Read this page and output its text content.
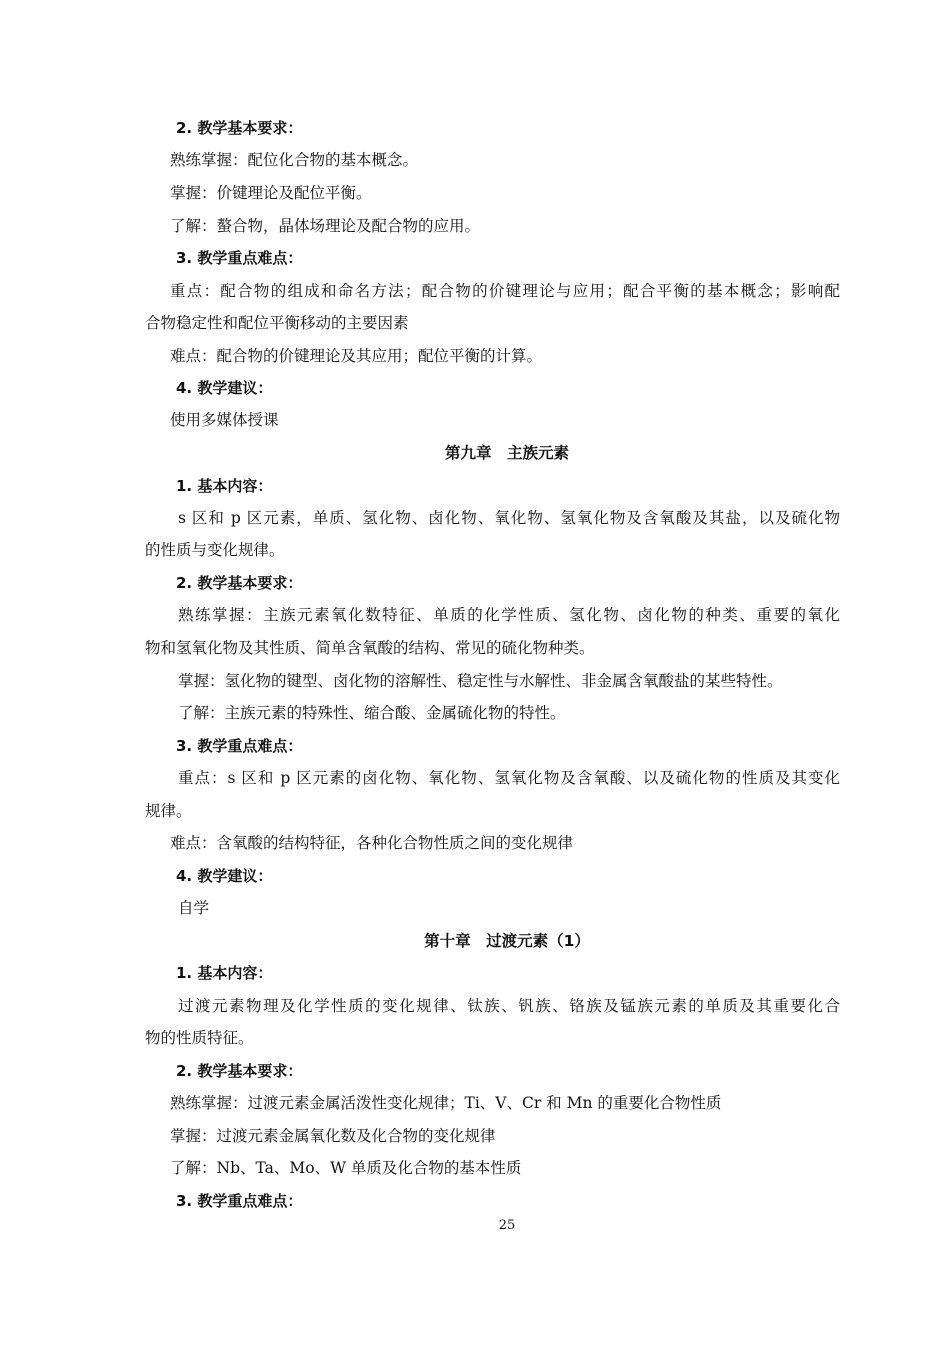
2. 教学基本要求：
熟练掌握：配位化合物的基本概念。
掌握：价键理论及配位平衡。
了解：螯合物，晶体场理论及配合物的应用。
3. 教学重点难点：
重点：配合物的组成和命名方法；配合物的价键理论与应用；配合平衡的基本概念；影响配
合物稳定性和配位平衡移动的主要因素
难点：配合物的价键理论及其应用；配位平衡的计算。
4. 教学建议：
使用多媒体授课
第九章　主族元素
1. 基本内容：
s 区和 p 区元素，单质、氢化物、卤化物、氧化物、氢氧化物及含氧酸及其盐，以及硫化物
的性质与变化规律。
2. 教学基本要求：
熟练掌握：主族元素氧化数特征、单质的化学性质、氢化物、卤化物的种类、重要的氧化
物和氢氧化物及其性质、简单含氧酸的结构、常见的硫化物种类。
掌握：氢化物的键型、卤化物的溶解性、稳定性与水解性、非金属含氧酸盐的某些特性。
了解：主族元素的特殊性、缩合酸、金属硫化物的特性。
3. 教学重点难点：
重点：s 区和 p 区元素的卤化物、氧化物、氢氧化物及含氧酸、以及硫化物的性质及其变化
规律。
难点：含氧酸的结构特征，各种化合物性质之间的变化规律
4. 教学建议：
自学
第十章　过渡元素（1）
1. 基本内容：
过渡元素物理及化学性质的变化规律、钛族、钒族、铬族及锰族元素的单质及其重要化合
物的性质特征。
2. 教学基本要求：
熟练掌握：过渡元素金属活泼性变化规律；Ti、V、Cr 和 Mn 的重要化合物性质
掌握：过渡元素金属氧化数及化合物的变化规律
了解：Nb、Ta、Mo、W 单质及化合物的基本性质
3. 教学重点难点：
25
